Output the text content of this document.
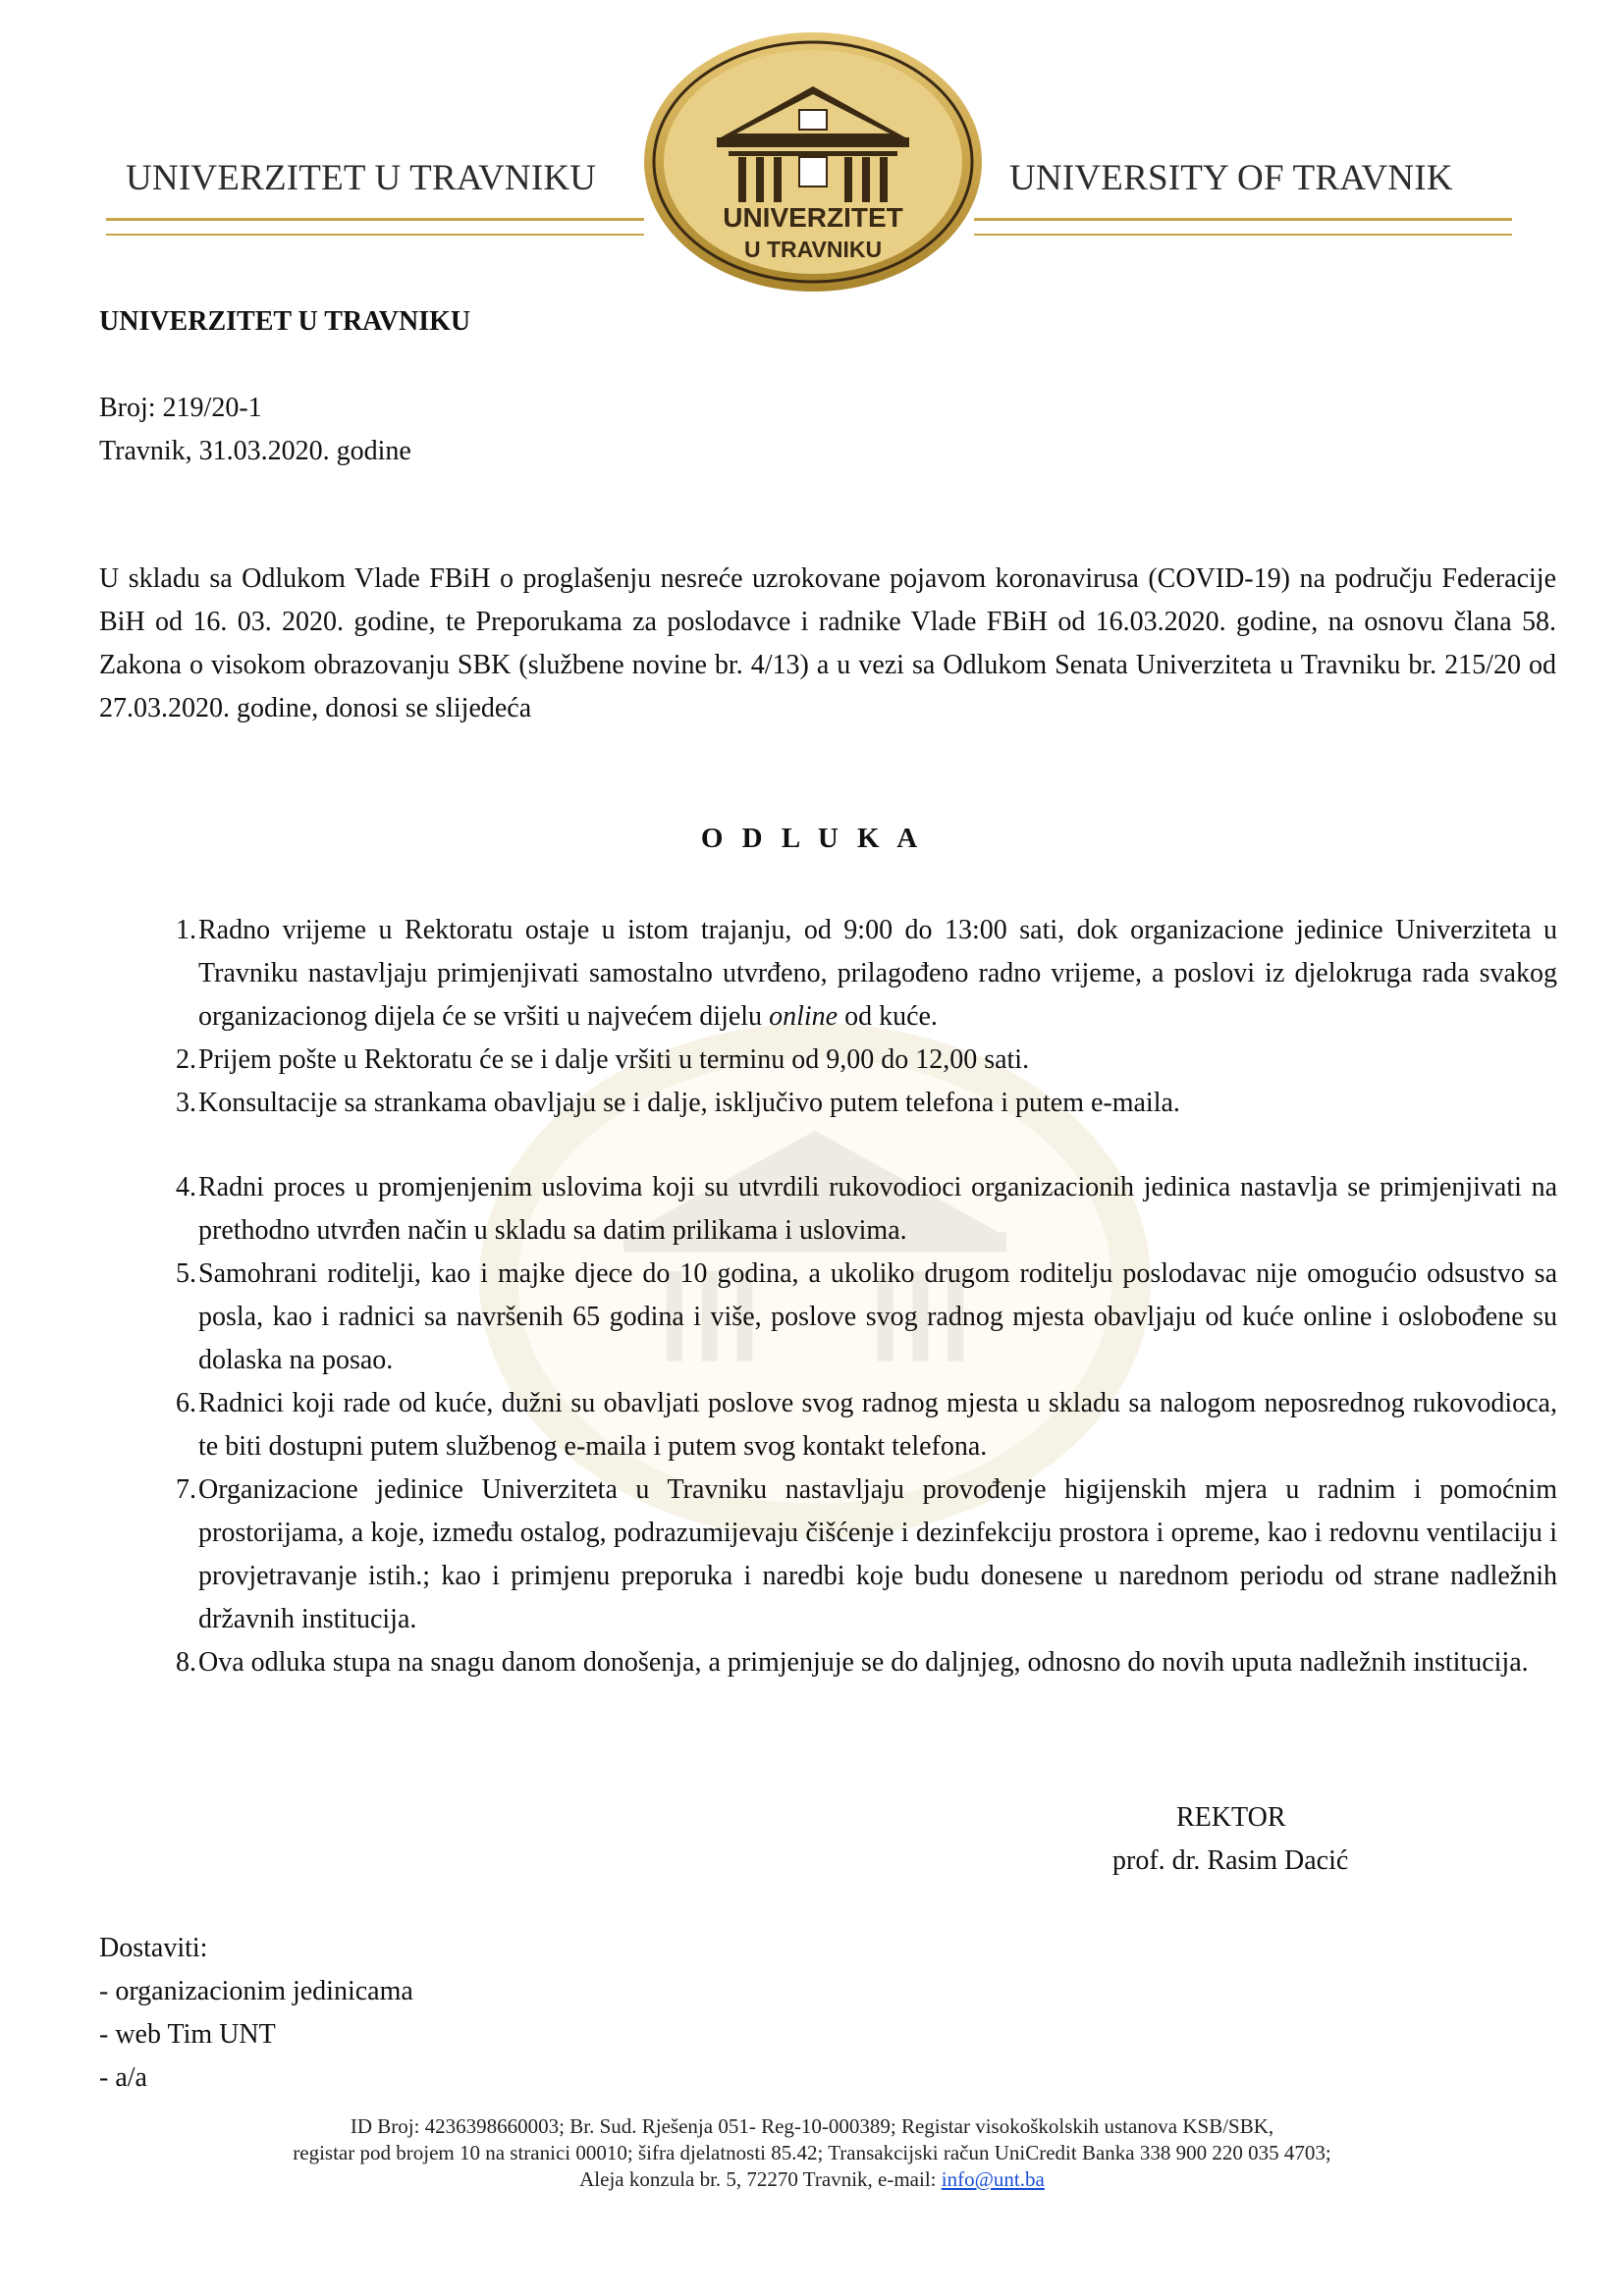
UNIVERZITET U TRAVNIKU	UNIVERSITY OF TRAVNIK
UNIVERZITET
U TRAVNIKU
UNIVERZITET U TRAVNIKU
Broj: 219/20-1
Travnik, 31.03.2020. godine
U skladu sa Odlukom Vlade FBiH o proglašenju nesreće uzrokovane pojavom koronavirusa (COVID-19) na području Federacije BiH od 16. 03. 2020. godine, te Preporukama za poslodavce i radnike Vlade FBiH od 16.03.2020. godine, na osnovu člana 58. Zakona o visokom obrazovanju SBK (službene novine br. 4/13) a u vezi sa Odlukom Senata Univerziteta u Travniku br. 215/20 od 27.03.2020. godine, donosi se slijedeća
O D L U K A
1. Radno vrijeme u Rektoratu ostaje u istom trajanju, od 9:00 do 13:00 sati, dok organizacione jedinice Univerziteta u Travniku nastavljaju primjenjivati samostalno utvrđeno, prilagođeno radno vrijeme, a poslovi iz djelokruga rada svakog organizacionog dijela će se vršiti u najvećem dijelu online od kuće.
2. Prijem pošte u Rektoratu će se i dalje vršiti u terminu od 9,00 do 12,00 sati.
3. Konsultacije sa strankama obavljaju se i dalje, isključivo putem telefona i putem e-maila.
4. Radni proces u promjenjenim uslovima koji su utvrdili rukovodioci organizacionih jedinica nastavlja se primjenjivati na prethodno utvrđen način u skladu sa datim prilikama i uslovima.
5. Samohrani roditelji, kao i majke djece do 10 godina, a ukoliko drugom roditelju poslodavac nije omogućio odsustvo sa posla, kao i radnici sa navršenih 65 godina i više, poslove svog radnog mjesta obavljaju od kuće online i oslobođene su dolaska na posao.
6. Radnici koji rade od kuće, dužni su obavljati poslove svog radnog mjesta u skladu sa nalogom neposrednog rukovodioca, te biti dostupni putem službenog e-maila i putem svog kontakt telefona.
7. Organizacione jedinice Univerziteta u Travniku nastavljaju provođenje higijenskih mjera u radnim i pomoćnim prostorijama, a koje, između ostalog, podrazumijevaju čišćenje i dezinfekciju prostora i opreme, kao i redovnu ventilaciju i provjetravanje istih.; kao i primjenu preporuka i naredbi koje budu donesene u narednom periodu od strane nadležnih državnih institucija.
8. Ova odluka stupa na snagu danom donošenja, a primjenjuje se do daljnjeg, odnosno do novih uputa nadležnih institucija.
REKTOR
prof. dr. Rasim Dacić
Dostaviti:
- organizacionim jedinicama
- web Tim UNT
- a/a
ID Broj: 4236398660003; Br. Sud. Rješenja 051- Reg-10-000389; Registar visokoškolskih ustanova KSB/SBK,
registar pod brojem 10 na stranici 00010; šifra djelatnosti 85.42; Transakcijski račun UniCredit Banka 338 900 220 035 4703;
Aleja konzula br. 5, 72270 Travnik, e-mail: info@unt.ba
